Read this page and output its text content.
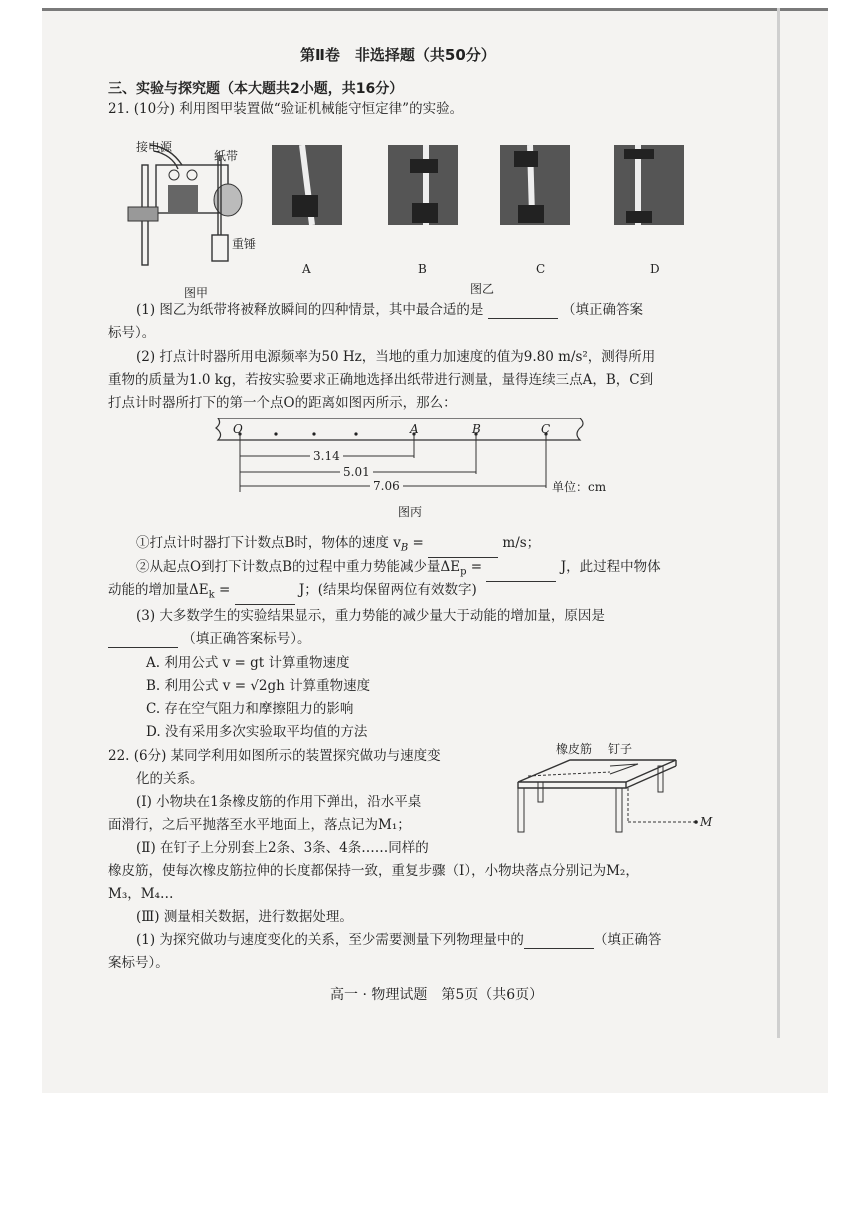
第Ⅱ卷　非选择题（共50分）
三、实验与探究题（本大题共2小题，共16分）
21. (10分) 利用图甲装置做“验证机械能守恒定律”的实验。
接电源
纸带
重锤
图甲
A	B	C	D
图乙
(1) 图乙为纸带将被释放瞬间的四种情景，其中最合适的是	（填正确答案
标号）。
(2) 打点计时器所用电源频率为50 Hz，当地的重力加速度的值为9.80 m/s²，测得所用
重物的质量为1.0 kg，若按实验要求正确地选择出纸带进行测量，量得连续三点A，B，C到
打点计时器所打下的第一个点O的距离如图丙所示，那么：
O	A	B	C
3.14
5.01
7.06	单位：cm
图丙
①打点计时器打下计数点B时，物体的速度 $v_B$ =	m/s；
②从起点O到打下计数点B的过程中重力势能减少量$\Delta E_p$ =	J，此过程中物体
动能的增加量$\Delta E_k$ =	J；(结果均保留两位有效数字)
(3) 大多数学生的实验结果显示，重力势能的减少量大于动能的增加量，原因是
（填正确答案标号）。
A. 利用公式 v = gt 计算重物速度
B. 利用公式 v = √2gh 计算重物速度
C. 存在空气阻力和摩擦阻力的影响
D. 没有采用多次实验取平均值的方法
22. (6分) 某同学利用如图所示的装置探究做功与速度变
化的关系。
橡皮筋 钉子
M
(Ⅰ) 小物块在1条橡皮筋的作用下弹出，沿水平桌
面滑行，之后平抛落至水平地面上，落点记为M₁；
(Ⅱ) 在钉子上分别套上2条、3条、4条……同样的
橡皮筋，使每次橡皮筋拉伸的长度都保持一致，重复步骤（Ⅰ），小物块落点分别记为M₂，
M₃，M₄…
(Ⅲ) 测量相关数据，进行数据处理。
(1) 为探究做功与速度变化的关系，至少需要测量下列物理量中的	（填正确答
案标号）。
高一 · 物理试题　第5页（共6页）
